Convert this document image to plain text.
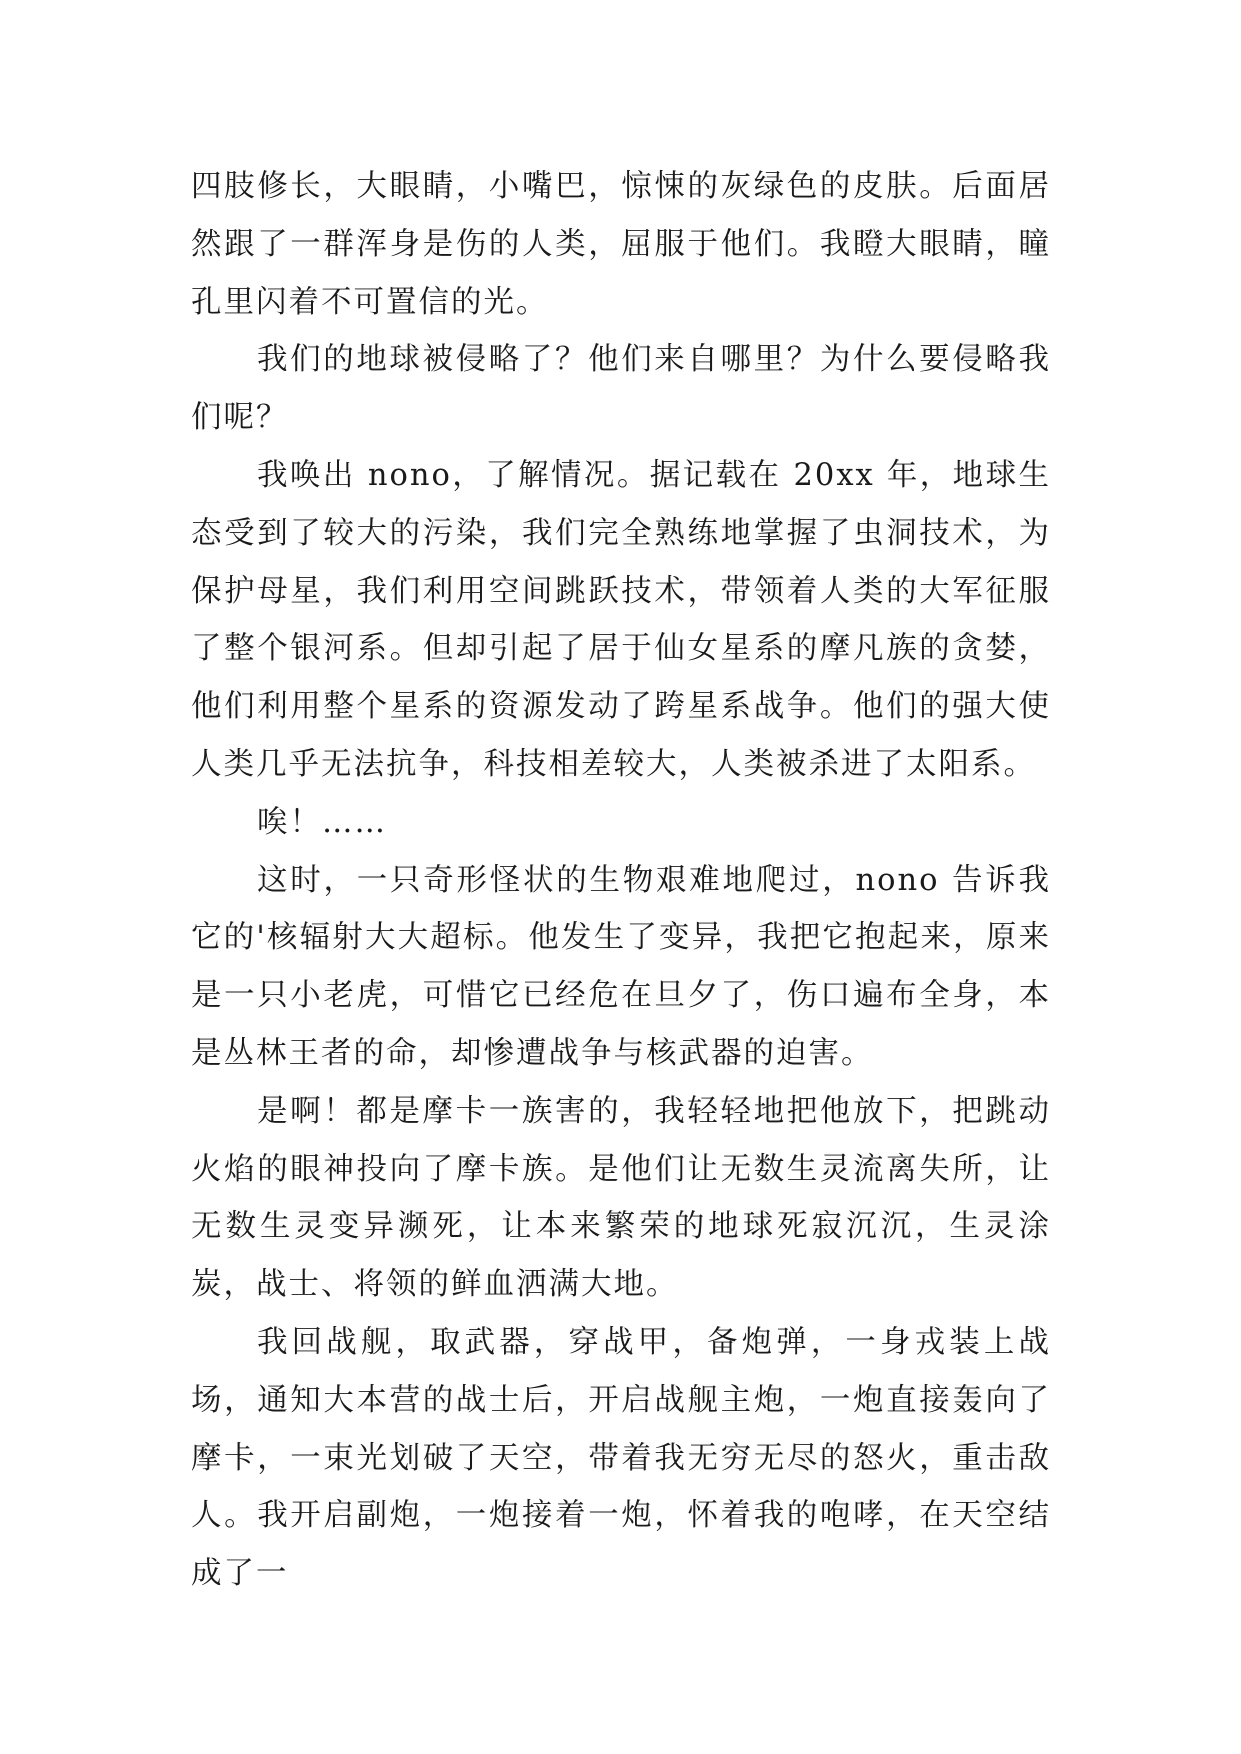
四肢修长，大眼睛，小嘴巴，惊悚的灰绿色的皮肤。后面居然跟了一群浑身是伤的人类，屈服于他们。我瞪大眼睛，瞳孔里闪着不可置信的光。

我们的地球被侵略了？他们来自哪里？为什么要侵略我们呢？

我唤出 nono，了解情况。据记载在 20xx 年，地球生态受到了较大的污染，我们完全熟练地掌握了虫洞技术，为保护母星，我们利用空间跳跃技术，带领着人类的大军征服了整个银河系。但却引起了居于仙女星系的摩凡族的贪婪，他们利用整个星系的资源发动了跨星系战争。他们的强大使人类几乎无法抗争，科技相差较大，人类被杀进了太阳系。

唉！……

这时，一只奇形怪状的生物艰难地爬过，nono 告诉我它的'核辐射大大超标。他发生了变异，我把它抱起来，原来是一只小老虎，可惜它已经危在旦夕了，伤口遍布全身，本是丛林王者的命，却惨遭战争与核武器的迫害。

是啊！都是摩卡一族害的，我轻轻地把他放下，把跳动火焰的眼神投向了摩卡族。是他们让无数生灵流离失所，让无数生灵变异濒死，让本来繁荣的地球死寂沉沉，生灵涂炭，战士、将领的鲜血洒满大地。

我回战舰，取武器，穿战甲，备炮弹，一身戎装上战场，通知大本营的战士后，开启战舰主炮，一炮直接轰向了摩卡，一束光划破了天空，带着我无穷无尽的怒火，重击敌人。我开启副炮，一炮接着一炮，怀着我的咆哮，在天空结成了一
